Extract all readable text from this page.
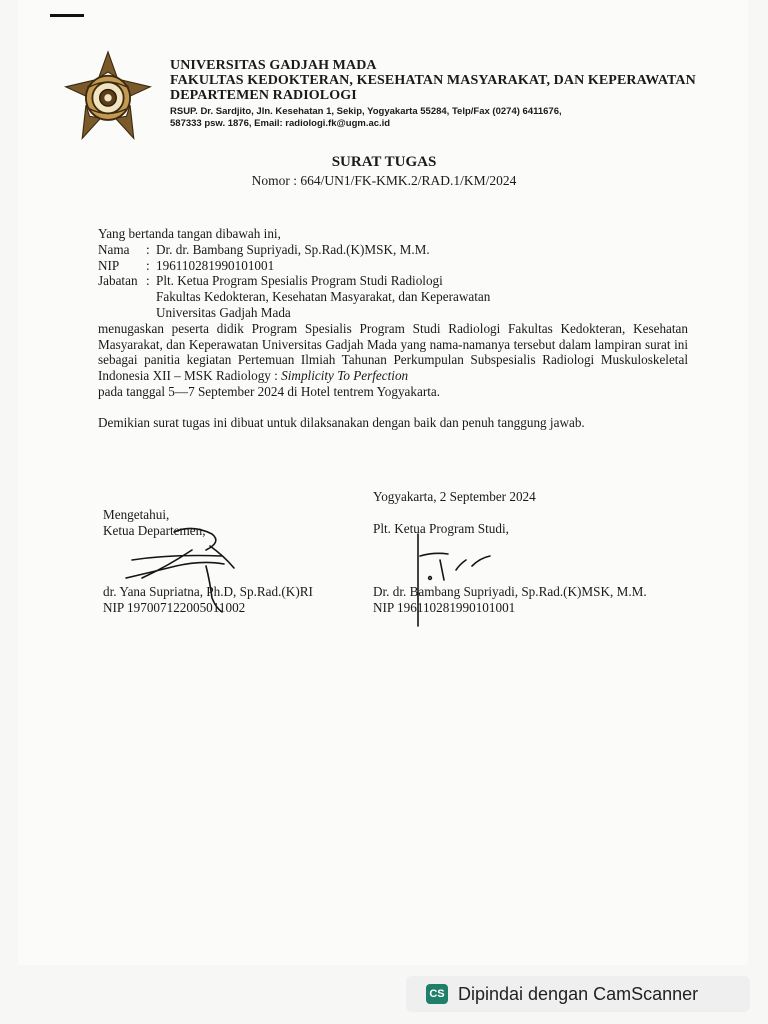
UNIVERSITAS GADJAH MADA
FAKULTAS KEDOKTERAN, KESEHATAN MASYARAKAT, DAN KEPERAWATAN
DEPARTEMEN RADIOLOGI
RSUP. Dr. Sardjito, Jln. Kesehatan 1, Sekip, Yogyakarta 55284, Telp/Fax (0274) 6411676,
587333 psw. 1876, Email: radiologi.fk@ugm.ac.id
SURAT TUGAS
Nomor : 664/UN1/FK-KMK.2/RAD.1/KM/2024
Yang bertanda tangan dibawah ini,
Nama	: Dr. dr. Bambang Supriyadi, Sp.Rad.(K)MSK, M.M.
NIP	: 196110281990101001
Jabatan : Plt. Ketua Program Spesialis Program Studi Radiologi
Fakultas Kedokteran, Kesehatan Masyarakat, dan Keperawatan
Universitas Gadjah Mada
menugaskan peserta didik Program Spesialis Program Studi Radiologi Fakultas Kedokteran, Kesehatan Masyarakat, dan Keperawatan Universitas Gadjah Mada yang nama-namanya tersebut dalam lampiran surat ini sebagai panitia kegiatan Pertemuan Ilmiah Tahunan Perkumpulan Subspesialis Radiologi Muskuloskeletal Indonesia XII – MSK Radiology : Simplicity To Perfection
pada tanggal 5—7 September 2024 di Hotel tentrem Yogyakarta.
Demikian surat tugas ini dibuat untuk dilaksanakan dengan baik dan penuh tanggung jawab.
Yogyakarta, 2 September 2024
Plt. Ketua Program Studi,
Mengetahui,
Ketua Departemen,
dr. Yana Supriatna, Ph.D, Sp.Rad.(K)RI
NIP 197007122005011002
Dr. dr. Bambang Supriyadi, Sp.Rad.(K)MSK, M.M.
NIP 196110281990101001
CS Dipindai dengan CamScanner
